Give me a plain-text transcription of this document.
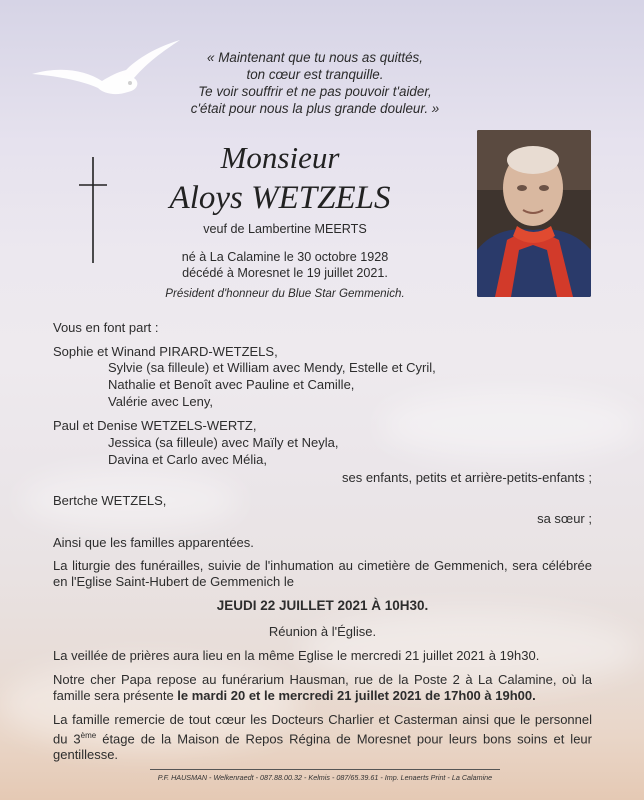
« Maintenant que tu nous as quittés,
ton cœur est tranquille.
Te voir souffrir et ne pas pouvoir t'aider,
c'était pour nous la plus grande douleur. »
Monsieur
Aloys WETZELS
veuf de Lambertine MEERTS
né à La Calamine le 30 octobre 1928
décédé à Moresnet le 19 juillet 2021.
Président d'honneur du Blue Star Gemmenich.
Vous en font part :
Sophie et Winand PIRARD-WETZELS,
Sylvie (sa filleule) et William avec Mendy, Estelle et Cyril,
Nathalie et Benoît avec Pauline et Camille,
Valérie avec Leny,
Paul et Denise WETZELS-WERTZ,
Jessica (sa filleule) avec Maïly et Neyla,
Davina et Carlo avec Mélia,
ses enfants, petits et arrière-petits-enfants ;
Bertche WETZELS,
sa sœur ;
Ainsi que les familles apparentées.
La liturgie des funérailles, suivie de l'inhumation au cimetière de Gemmenich, sera célébrée en l'Eglise Saint-Hubert de Gemmenich le
JEUDI 22 JUILLET 2021 À 10H30.
Réunion à l'Église.
La veillée de prières aura lieu en la même Eglise le mercredi 21 juillet 2021 à 19h30.
Notre cher Papa repose au funérarium Hausman, rue de la Poste 2 à La Calamine, où la famille sera présente le mardi 20 et le mercredi 21 juillet 2021 de 17h00 à 19h00.
La famille remercie de tout cœur les Docteurs Charlier et Casterman ainsi que le personnel du 3ème étage de la Maison de Repos Régina de Moresnet pour leurs bons soins et leur gentillesse.
P.F. HAUSMAN - Welkenraedt - 087.88.00.32 - Kelmis - 087/65.39.61 - Imp. Lenaerts Print - La Calamine
